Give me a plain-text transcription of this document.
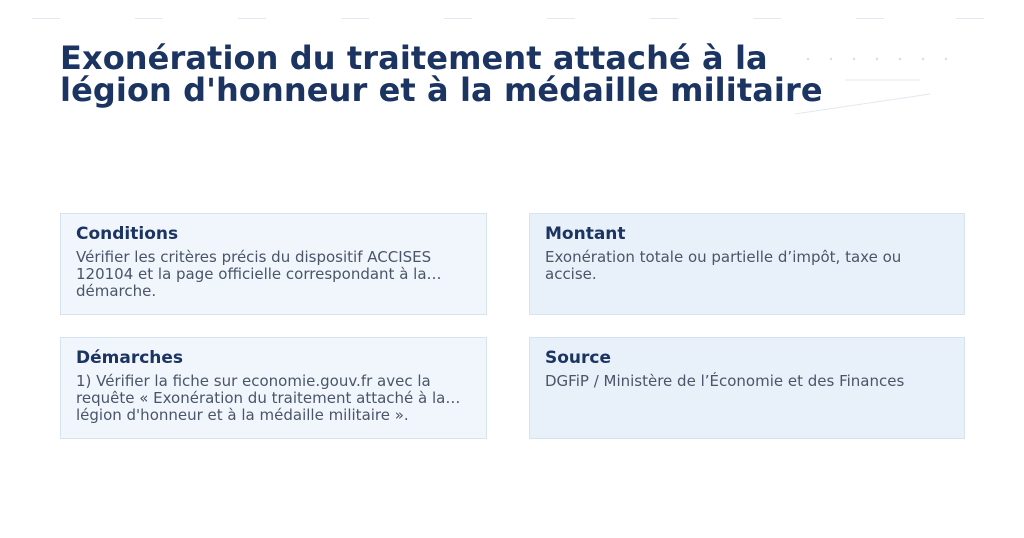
Exonération du traitement attaché à la légion d'honneur et à la médaille militaire
Conditions
Vérifier les critères précis du dispositif ACCISES 120104 et la page officielle correspondant à la démarche.
Montant
Exonération totale ou partielle d’impôt, taxe ou accise.
Démarches
1) Vérifier la fiche sur economie.gouv.fr avec la requête « Exonération du traitement attaché à la légion d'honneur et à la médaille militaire ».
Source
DGFiP / Ministère de l’Économie et des Finances
